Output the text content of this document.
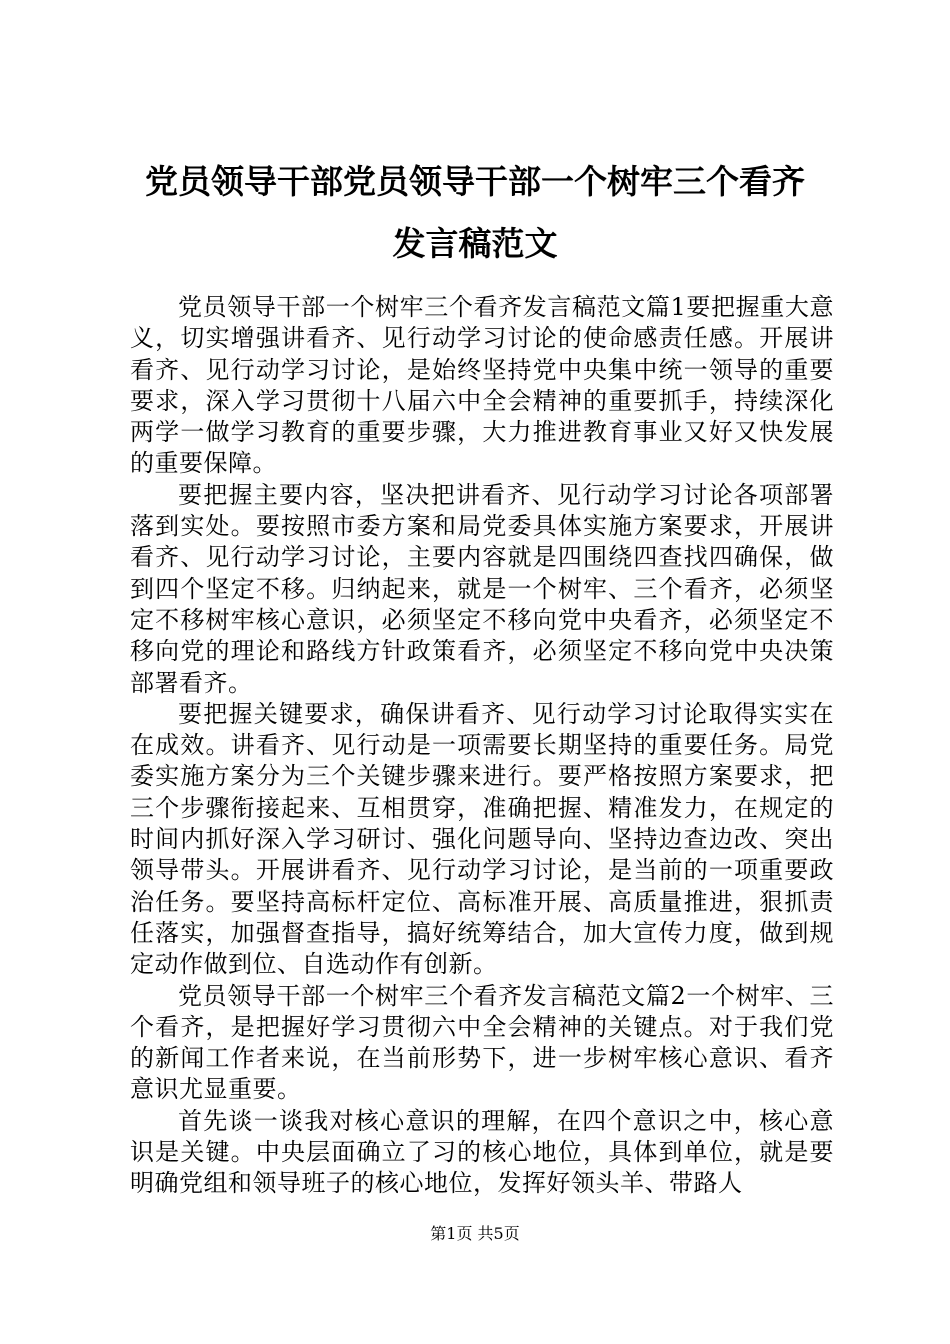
党员领导干部党员领导干部一个树牢三个看齐
发言稿范文

党员领导干部一个树牢三个看齐发言稿范文篇1要把握重大意义，切实增强讲看齐、见行动学习讨论的使命感责任感。开展讲看齐、见行动学习讨论，是始终坚持党中央集中统一领导的重要要求，深入学习贯彻十八届六中全会精神的重要抓手，持续深化两学一做学习教育的重要步骤，大力推进教育事业又好又快发展的重要保障。

要把握主要内容，坚决把讲看齐、见行动学习讨论各项部署落到实处。要按照市委方案和局党委具体实施方案要求，开展讲看齐、见行动学习讨论，主要内容就是四围绕四查找四确保，做到四个坚定不移。归纳起来，就是一个树牢、三个看齐，必须坚定不移树牢核心意识，必须坚定不移向党中央看齐，必须坚定不移向党的理论和路线方针政策看齐，必须坚定不移向党中央决策部署看齐。

要把握关键要求，确保讲看齐、见行动学习讨论取得实实在在成效。讲看齐、见行动是一项需要长期坚持的重要任务。局党委实施方案分为三个关键步骤来进行。要严格按照方案要求，把三个步骤衔接起来、互相贯穿，准确把握、精准发力，在规定的时间内抓好深入学习研讨、强化问题导向、坚持边查边改、突出领导带头。开展讲看齐、见行动学习讨论，是当前的一项重要政治任务。要坚持高标杆定位、高标准开展、高质量推进，狠抓责任落实，加强督查指导，搞好统筹结合，加大宣传力度，做到规定动作做到位、自选动作有创新。

党员领导干部一个树牢三个看齐发言稿范文篇2一个树牢、三个看齐，是把握好学习贯彻六中全会精神的关键点。对于我们党的新闻工作者来说，在当前形势下，进一步树牢核心意识、看齐意识尤显重要。

首先谈一谈我对核心意识的理解，在四个意识之中，核心意识是关键。中央层面确立了习的核心地位，具体到单位，就是要明确党组和领导班子的核心地位，发挥好领头羊、带路人

第1页 共5页
